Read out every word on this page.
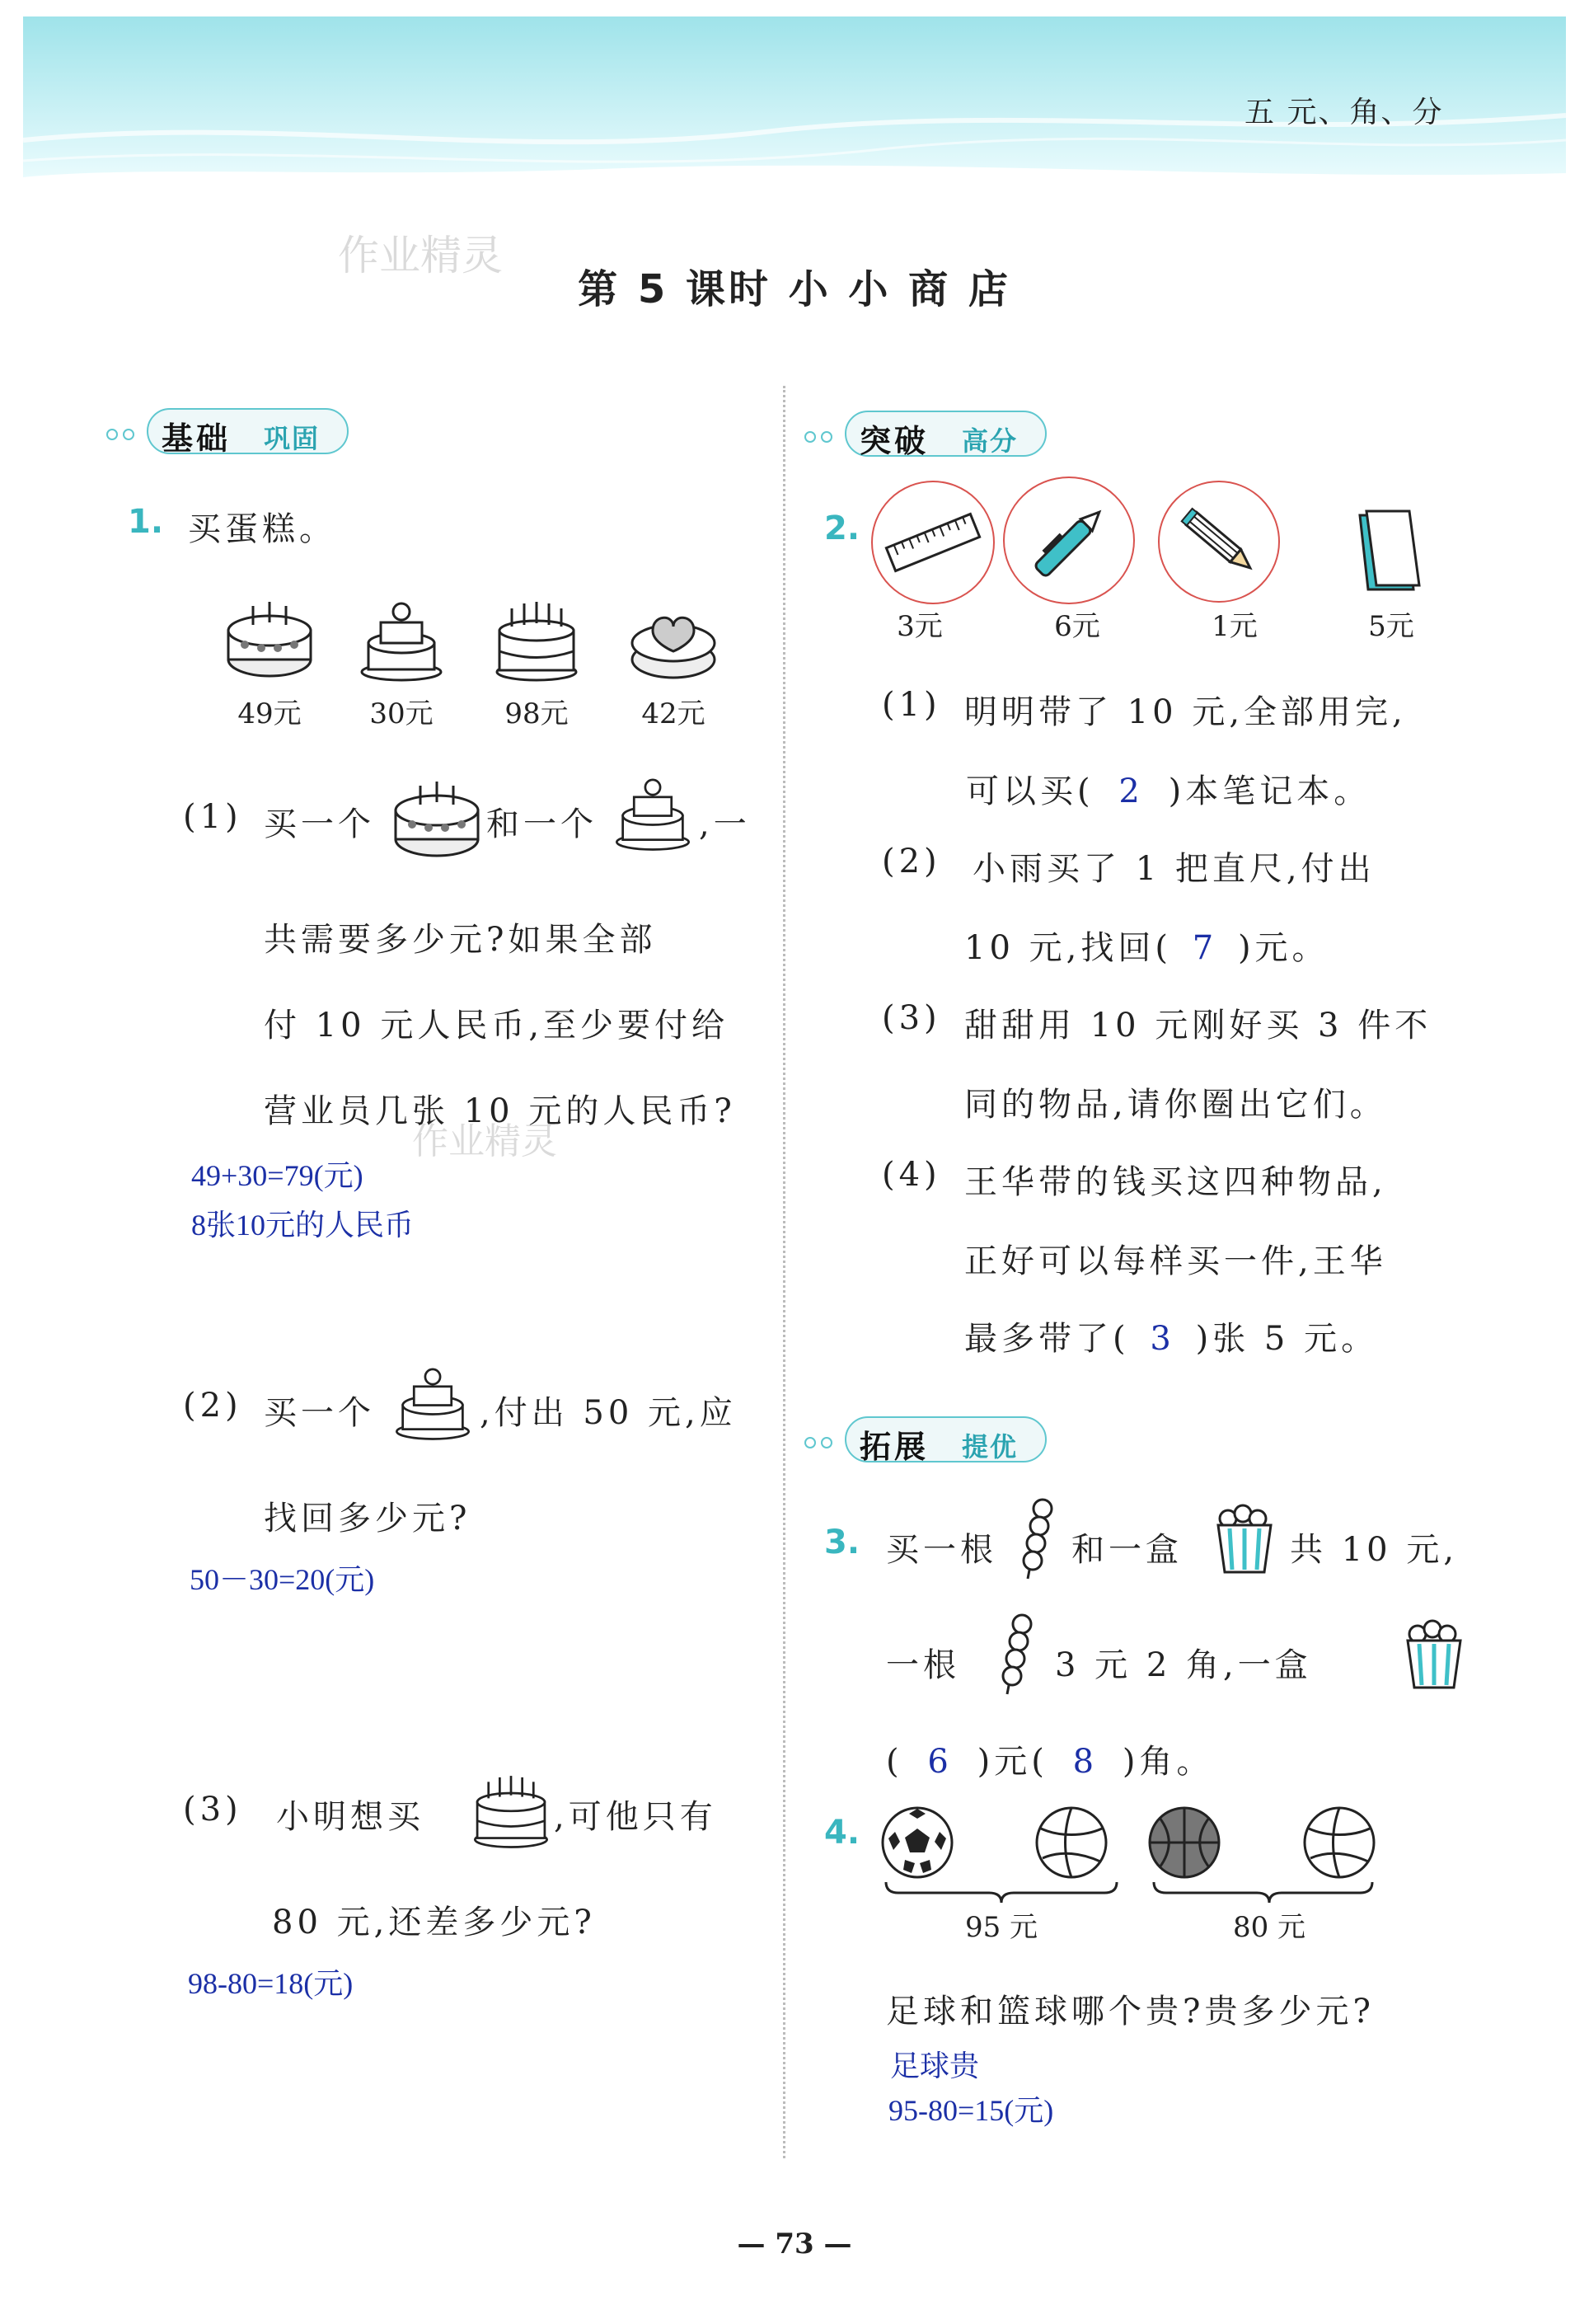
五 元、角、分
作业精灵
第 5 课时 小 小 商 店
基础 巩固
1. 买蛋糕。
49元	30元	98元	42元
(1) 买一个	和一个	,一
共需要多少元?如果全部
付 10 元人民币,至少要付给
营业员几张 10 元的人民币?
作业精灵
49+30=79(元)
8张10元的人民币
(2) 买一个	,付出 50 元,应
找回多少元?
50－30=20(元)
(3) 小明想买	,可他只有
80 元,还差多少元?
98-80=18(元)
突破 高分
2.
3元	6元	1元	5元
(1) 明明带了 10 元,全部用完,
可以买( 2 )本笔记本。
(2) 小雨买了 1 把直尺,付出
10 元,找回( 7 )元。
(3) 甜甜用 10 元刚好买 3 件不
同的物品,请你圈出它们。
(4) 王华带的钱买这四种物品,
正好可以每样买一件,王华
最多带了( 3 )张 5 元。
拓展 提优
3. 买一根 和一盒	共 10 元,
一根	3 元 2 角,一盒
( 6 )元( 8 )角。
4.
95 元	80 元
足球和篮球哪个贵?贵多少元?
足球贵
95-80=15(元)
— 73 —
